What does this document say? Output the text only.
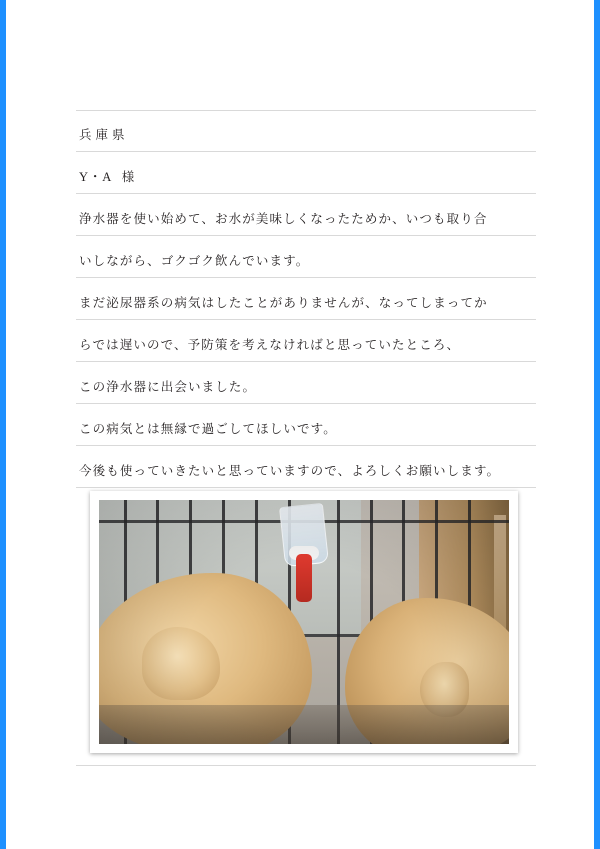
兵庫県
Y･A 様
浄水器を使い始めて、お水が美味しくなったためか、いつも取り合
いしながら、ゴクゴク飲んでいます。
まだ泌尿器系の病気はしたことがありませんが、なってしまってか
らでは遅いので、予防策を考えなければと思っていたところ、
この浄水器に出会いました。
この病気とは無縁で過ごしてほしいです。
今後も使っていきたいと思っていますので、よろしくお願いします。
